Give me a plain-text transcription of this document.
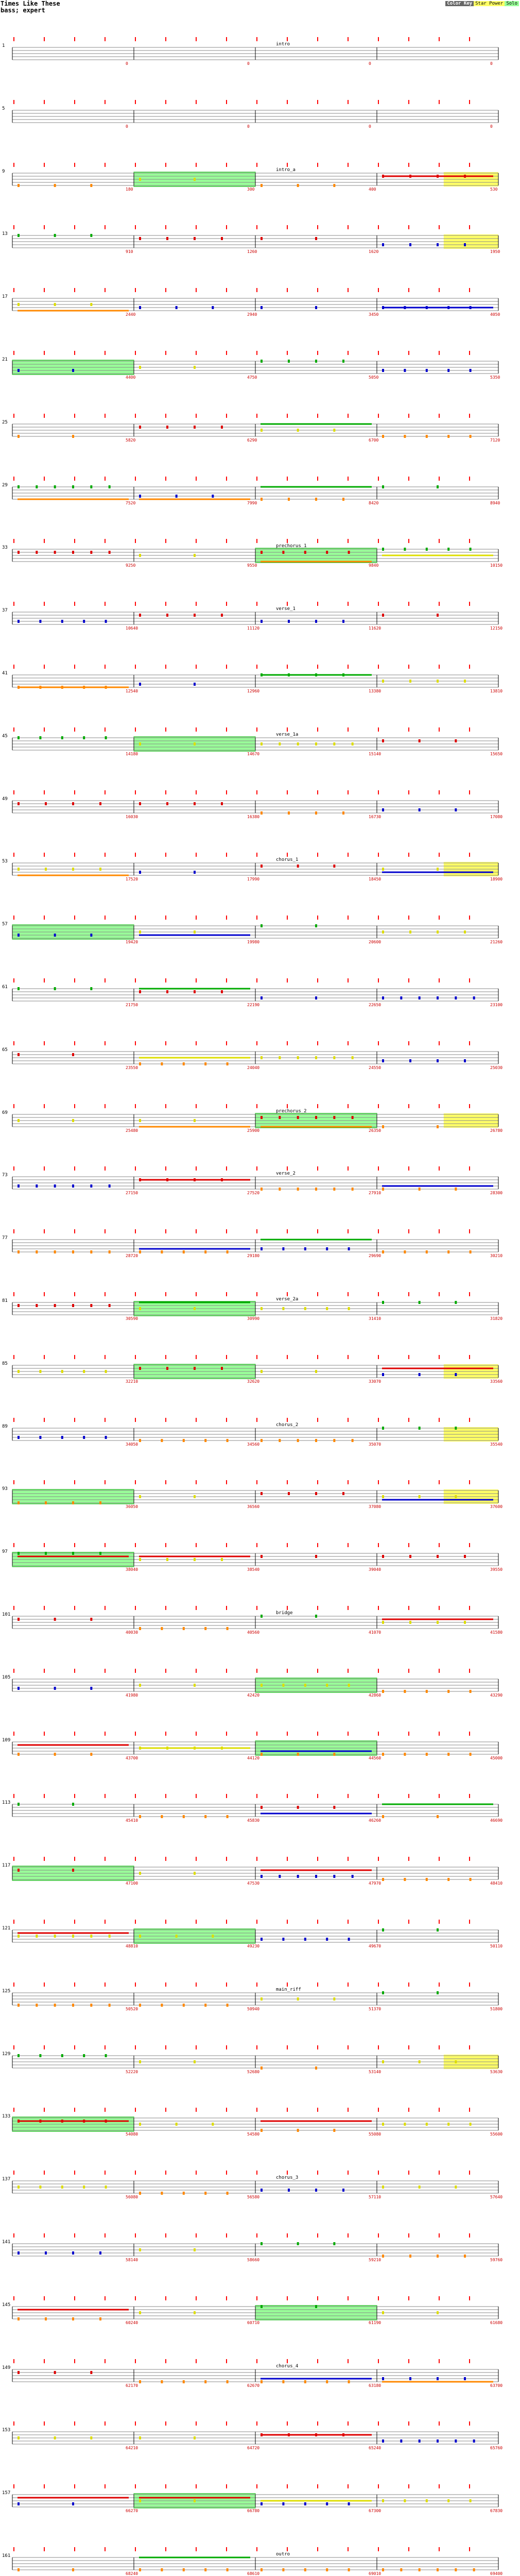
Times Like These
bass; expert
Color Key Star Power Solo
1	intro
0	0	0	0
5
0	0	0	0
9	intro_a
180	300	400	530
13
910	1260	1620	1950
17
2440	2940	3450	4050
21
4400	4750	5050	5350
25
5820	6290	6700	7120
29
7520	7990	8420	8940
33	prechorus_1
9250	9550	9840	10150
37	verse_1
10640	11120	11620	12150
41
12540	12960	13380	13810
45	verse_1a
14180	14670	15140	15650
49
16030	16380	16730	17080
53	chorus_1
17520	17990	18450	18900
57
19420	19980	20600	21260
61
21750	22190	22650	23100
65
23550	24040	24550	25030
69	prechorus_2
25480	25900	26350	26780
73	verse_2
27150	27520	27910	28300
77
28720	29180	29690	30210
81	verse_2a
30590	30990	31410	31820
85
32210	32620	33070	33560
89	chorus_2
34050	34560	35070	35540
93
36050	36560	37080	37600
97
38040	38540	39040	39550
101	bridge
40030	40560	41070	41580
105
41980	42420	42860	43290
109
43700	44120	44560	45000
113
45410	45830	46260	46690
117
47100	47530	47970	48410
121
48810	49230	49670	50110
125	main_riff
50520	50940	51370	51800
129
52220	52680	53140	53630
133
54080	54580	55080	55600
137	chorus_3
56080	56580	57110	57640
141
58140	58660	59210	59760
145
60240	60710	61190	61680
149	chorus_4
62170	62670	63180	63700
153
64210	64720	65240	65760
157
66270	66780	67300	67830
161	outro
68240	68610	69010	69400
